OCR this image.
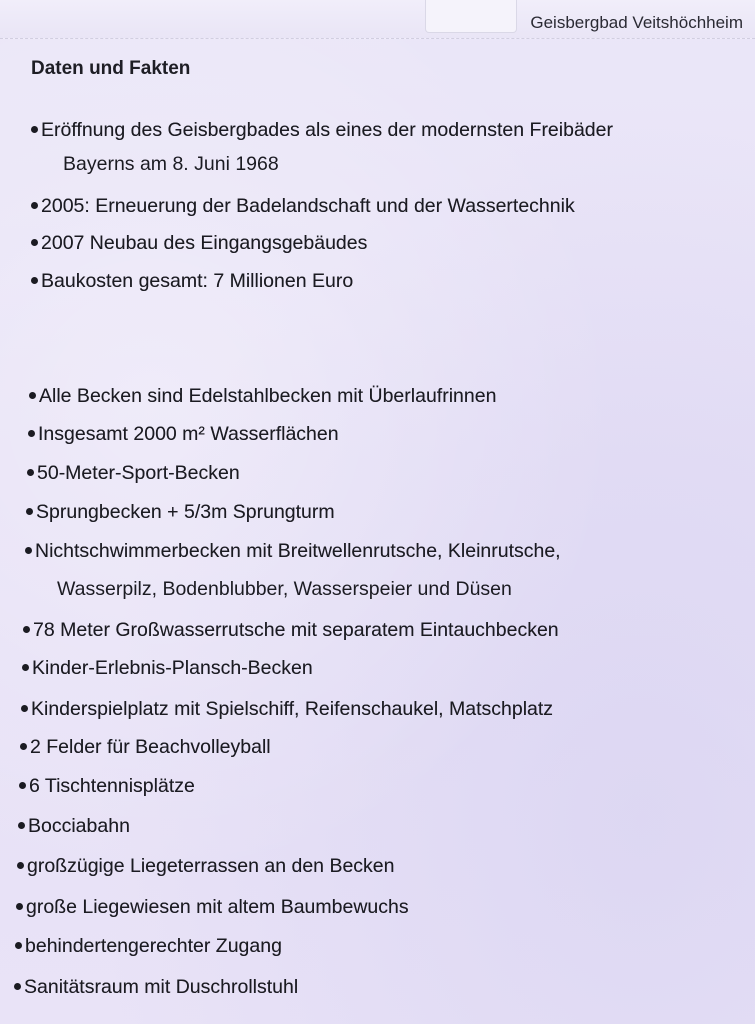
Geisbergbad Veitshöchheim
Daten und Fakten
Eröffnung des Geisbergbades als eines der modernsten Freibäder
Bayerns am 8. Juni 1968
2005: Erneuerung der Badelandschaft und der Wassertechnik
2007 Neubau des Eingangsgebäudes
Baukosten gesamt: 7 Millionen Euro
Alle Becken sind Edelstahlbecken mit Überlaufrinnen
Insgesamt 2000 m² Wasserflächen
50-Meter-Sport-Becken
Sprungbecken + 5/3m Sprungturm
Nichtschwimmerbecken mit Breitwellenrutsche, Kleinrutsche,
Wasserpilz, Bodenblubber, Wasserspeier und Düsen
78 Meter Großwasserrutsche mit separatem Eintauchbecken
Kinder-Erlebnis-Plansch-Becken
Kinderspielplatz mit Spielschiff, Reifenschaukel, Matschplatz
2 Felder für Beachvolleyball
6 Tischtennisplätze
Bocciabahn
großzügige Liegeterrassen an den Becken
große Liegewiesen mit altem Baumbewuchs
behindertengerechter Zugang
Sanitätsraum mit Duschrollstuhl
